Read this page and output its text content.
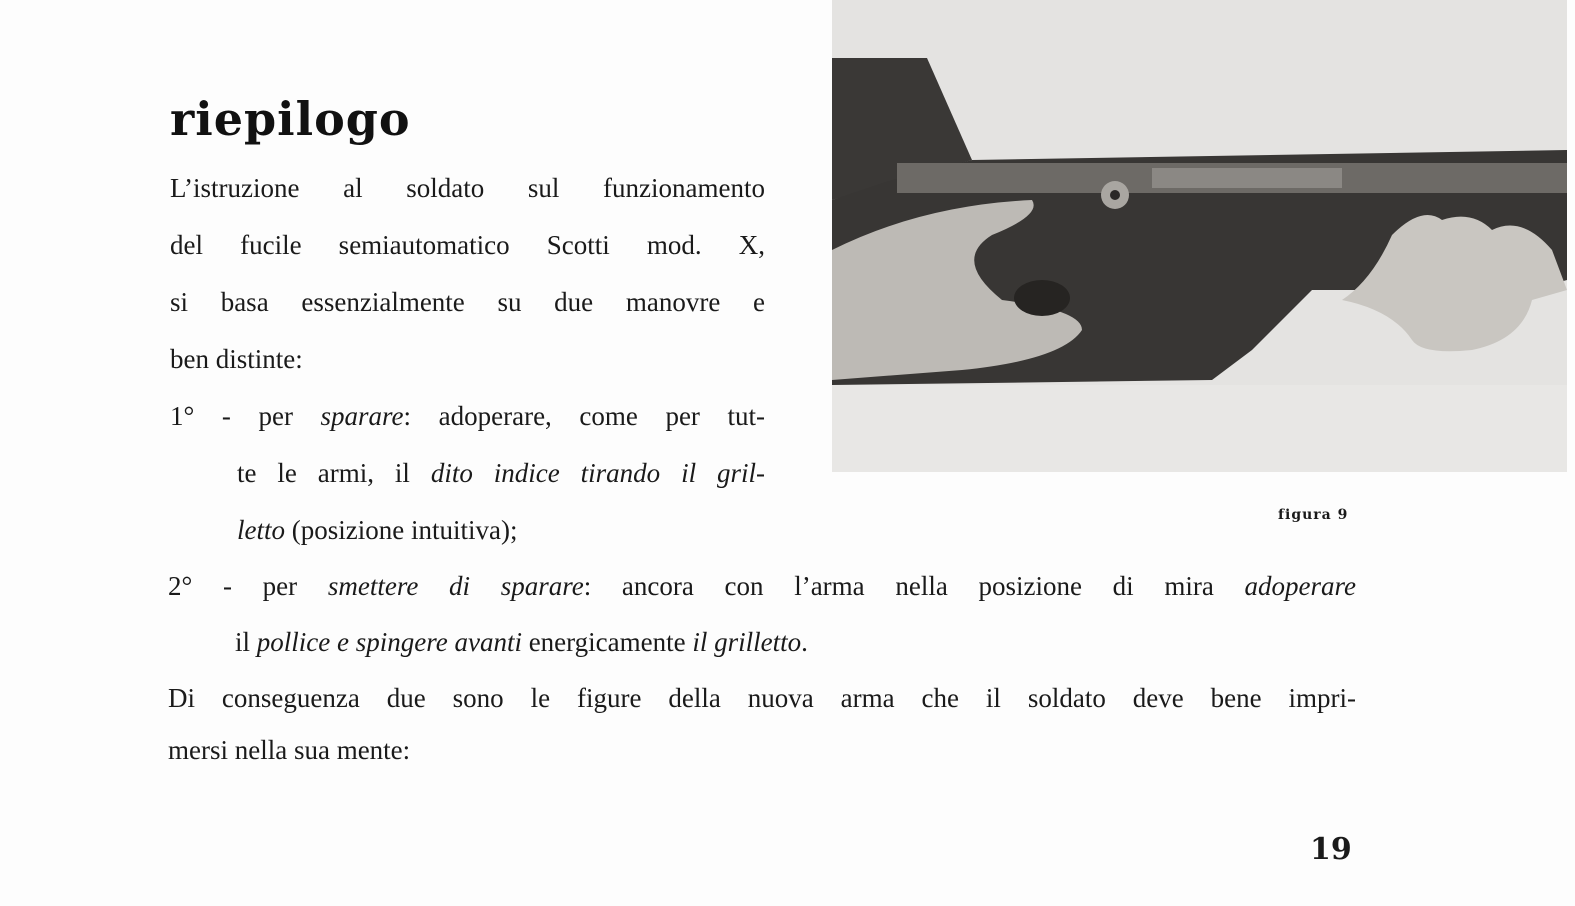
riepilogo
figura 9
L’istruzione al soldato sul funzionamento
del fucile semiautomatico Scotti mod. X,
si basa essenzialmente su due manovre e
ben distinte:
1° - per sparare: adoperare, come per tut-
te le armi, il dito indice tirando il gril-
letto (posizione intuitiva);
2° - per smettere di sparare: ancora con l’arma nella posizione di mira adoperare
il pollice e spingere avanti energicamente il grilletto.
Di conseguenza due sono le figure della nuova arma che il soldato deve bene impri-
mersi nella sua mente:
19
